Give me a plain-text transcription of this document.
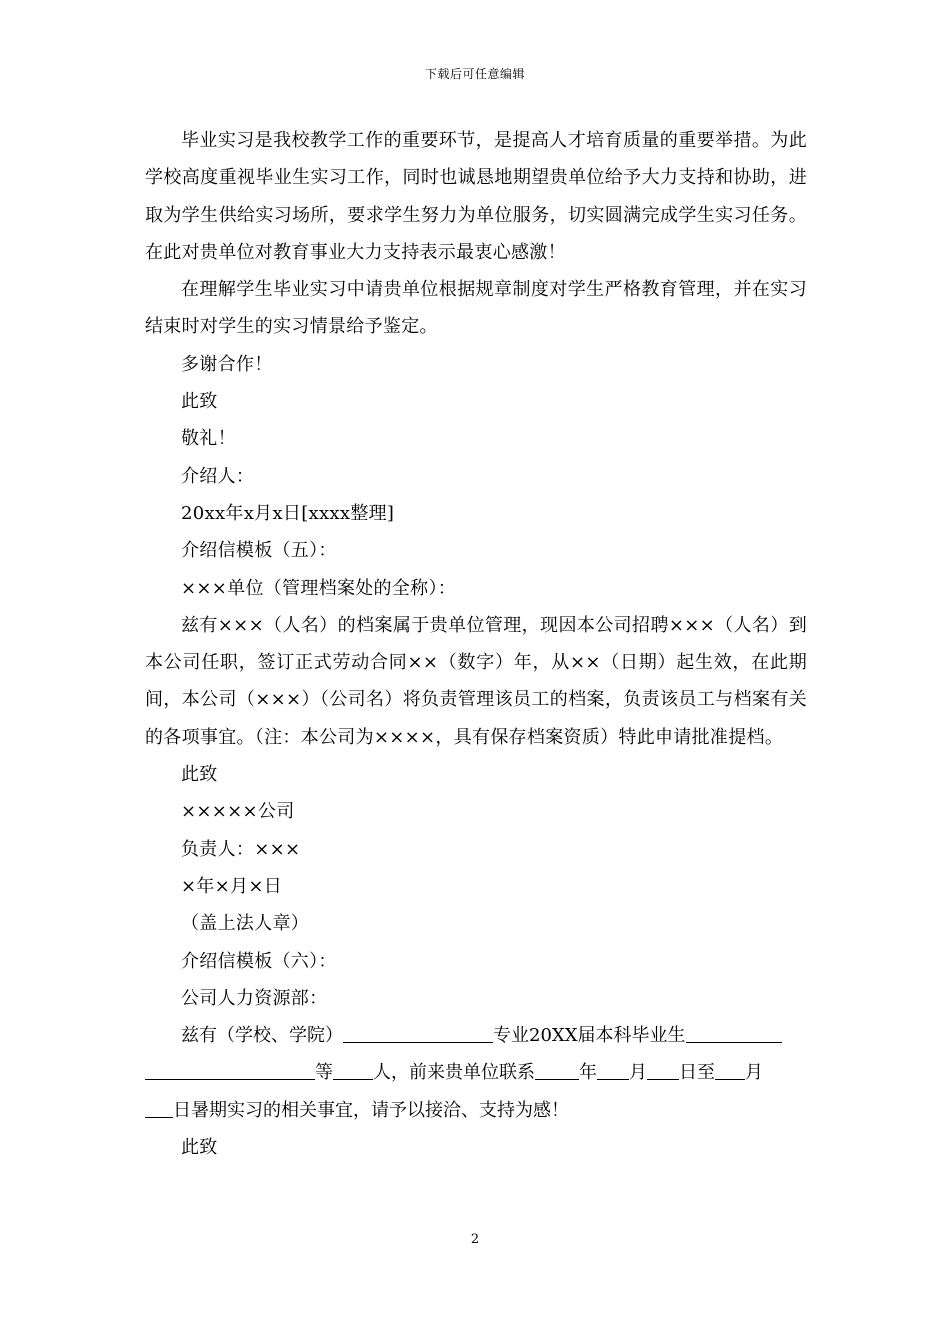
下载后可任意编辑

毕业实习是我校教学工作的重要环节，是提高人才培育质量的重要举措。为此学校高度重视毕业生实习工作，同时也诚恳地期望贵单位给予大力支持和协助，进取为学生供给实习场所，要求学生努力为单位服务，切实圆满完成学生实习任务。在此对贵单位对教育事业大力支持表示最衷心感激！

在理解学生毕业实习中请贵单位根据规章制度对学生严格教育管理，并在实习结束时对学生的实习情景给予鉴定。

多谢合作！

此致

敬礼！

介绍人：

20xx年x月x日[xxxx整理]

介绍信模板（五）：

×××单位（管理档案处的全称）：

兹有×××（人名）的档案属于贵单位管理，现因本公司招聘×××（人名）到本公司任职，签订正式劳动合同××（数字）年，从××（日期）起生效，在此期间，本公司（×××）（公司名）将负责管理该员工的档案，负责该员工与档案有关的各项事宜。（注：本公司为××××，具有保存档案资质）特此申请批准提档。

此致

×××××公司

负责人：×××

×年×月×日

（盖上法人章）

介绍信模板（六）：

公司人力资源部：

兹有（学校、学院）	专业20XX届本科毕业生
等 人，前来贵单位联系 年 月 日至 月
日暑期实习的相关事宜，请予以接洽、支持为感！

此致

2
